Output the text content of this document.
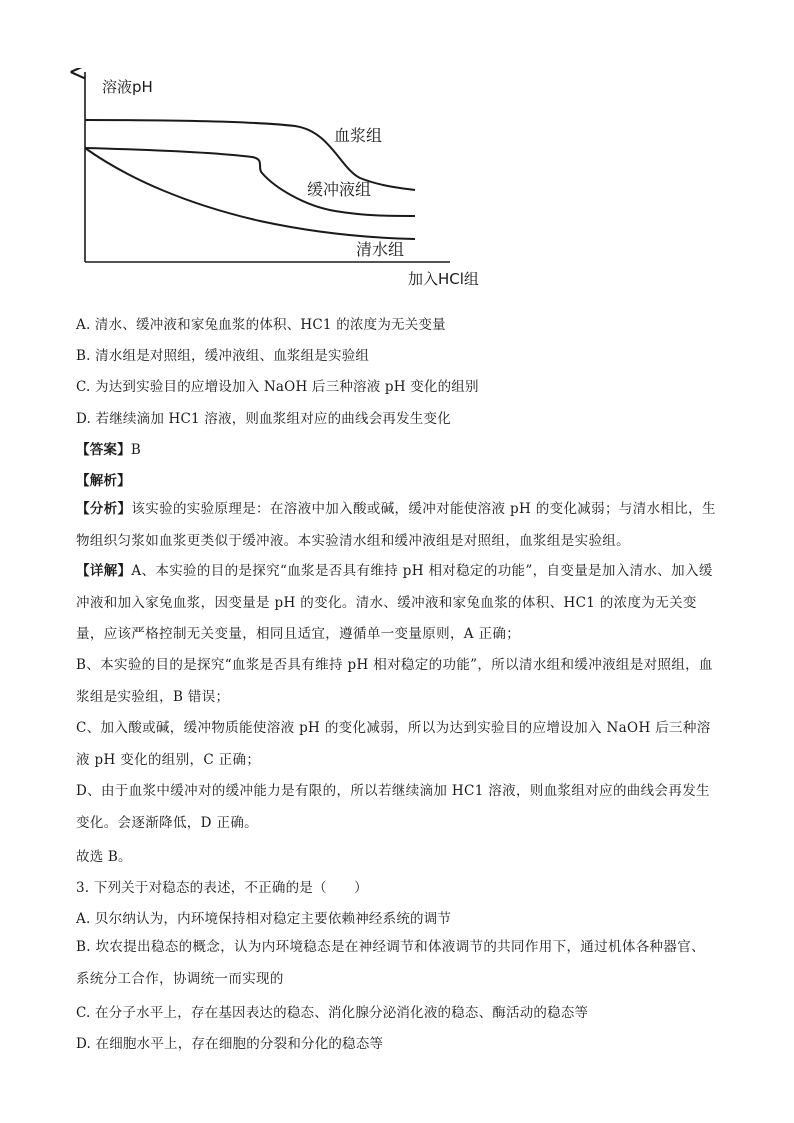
溶液pH
加入HCl组
血浆组
缓冲液组
清水组
A. 清水、缓冲液和家兔血浆的体积、HC1 的浓度为无关变量
B. 清水组是对照组，缓冲液组、血浆组是实验组
C. 为达到实验目的应增设加入 NaOH 后三种溶液 pH 变化的组别
D. 若继续滴加 HC1 溶液，则血浆组对应的曲线会再发生变化
【答案】B
【解析】
【分析】该实验的实验原理是：在溶液中加入酸或碱，缓冲对能使溶液 pH 的变化减弱；与清水相比，生物组织匀浆如血浆更类似于缓冲液。本实验清水组和缓冲液组是对照组，血浆组是实验组。
【详解】A、本实验的目的是探究“血浆是否具有维持 pH 相对稳定的功能”，自变量是加入清水、加入缓冲液和加入家兔血浆，因变量是 pH 的变化。清水、缓冲液和家兔血浆的体积、HC1 的浓度为无关变量，应该严格控制无关变量，相同且适宜，遵循单一变量原则，A 正确；
B、本实验的目的是探究“血浆是否具有维持 pH 相对稳定的功能”，所以清水组和缓冲液组是对照组，血浆组是实验组，B 错误；
C、加入酸或碱，缓冲物质能使溶液 pH 的变化减弱，所以为达到实验目的应增设加入 NaOH 后三种溶液 pH 变化的组别，C 正确；
D、由于血浆中缓冲对的缓冲能力是有限的，所以若继续滴加 HC1 溶液，则血浆组对应的曲线会再发生变化。会逐渐降低，D 正确。
故选 B。
3. 下列关于对稳态的表述，不正确的是（　　）
A. 贝尔纳认为，内环境保持相对稳定主要依赖神经系统的调节
B. 坎农提出稳态的概念，认为内环境稳态是在神经调节和体液调节的共同作用下，通过机体各种器官、系统分工合作，协调统一而实现的
C. 在分子水平上，存在基因表达的稳态、消化腺分泌消化液的稳态、酶活动的稳态等
D. 在细胞水平上，存在细胞的分裂和分化的稳态等
